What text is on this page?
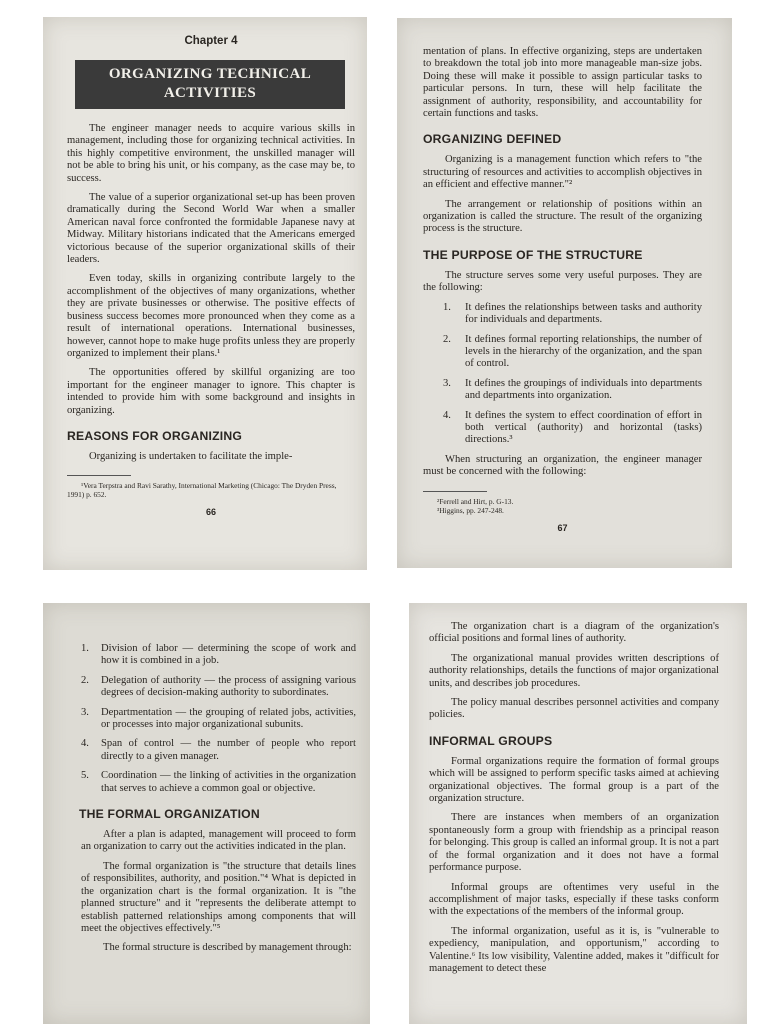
Chapter 4
ORGANIZING TECHNICAL
ACTIVITIES

The engineer manager needs to acquire various skills in management, including those for organizing technical activities. In this highly competitive environment, the unskilled manager will not be able to bring his unit, or his company, as the case may be, to success.

The value of a superior organizational set-up has been proven dramatically during the Second World War when a smaller American naval force confronted the formidable Japanese navy at Midway. Military historians indicated that the Americans emerged victorious because of the superior organizational skills of their leaders.

Even today, skills in organizing contribute largely to the accomplishment of the objectives of many organizations, whether they are private businesses or otherwise. The positive effects of business success becomes more pronounced when they come as a result of international operations. International businesses, however, cannot hope to make huge profits unless they are properly organized to implement their plans.¹

The opportunities offered by skillful organizing are too important for the engineer manager to ignore. This chapter is intended to provide him with some background and insights in organizing.

REASONS FOR ORGANIZING

Organizing is undertaken to facilitate the imple-

¹Vera Terpstra and Ravi Sarathy, International Marketing (Chicago: The Dryden Press, 1991) p. 652.

66

mentation of plans. In effective organizing, steps are undertaken to breakdown the total job into more manageable man-size jobs. Doing these will make it possible to assign particular tasks to particular persons. In turn, these will help facilitate the assignment of authority, responsibility, and accountability for certain functions and tasks.

ORGANIZING DEFINED

Organizing is a management function which refers to "the structuring of resources and activities to accomplish objectives in an efficient and effective manner."²

The arrangement or relationship of positions within an organization is called the structure. The result of the organizing process is the structure.

THE PURPOSE OF THE STRUCTURE

The structure serves some very useful purposes. They are the following:

1.	It defines the relationships between tasks and authority for individuals and departments.
2.	It defines formal reporting relationships, the number of levels in the hierarchy of the organization, and the span of control.
3.	It defines the groupings of individuals into departments and departments into organization.
4.	It defines the system to effect coordination of effort in both vertical (authority) and horizontal (tasks) directions.³

When structuring an organization, the engineer manager must be concerned with the following:

²Ferrell and Hirt, p. G-13.

³Higgins, pp. 247-248.

67
1.	Division of labor — determining the scope of work and how it is combined in a job.
2.	Delegation of authority — the process of assigning various degrees of decision-making authority to subordinates.
3.	Departmentation — the grouping of related jobs, activities, or processes into major organizational subunits.
4.	Span of control — the number of people who report directly to a given manager.
5.	Coordination — the linking of activities in the organization that serves to achieve a common goal or objective.
THE FORMAL ORGANIZATION

After a plan is adapted, management will proceed to form an organization to carry out the activities indicated in the plan.

The formal organization is "the structure that details lines of responsibilites, authority, and position."⁴ What is depicted in the organization chart is the formal organization. It is "the planned structure" and it "represents the deliberate attempt to establish patterned relationships among components that will meet the objectives effectively."⁵

The formal structure is described by management through:

The organization chart is a diagram of the organization's official positions and formal lines of authority.

The organizational manual provides written descriptions of authority relationships, details the functions of major organizational units, and describes job procedures.

The policy manual describes personnel activities and company policies.

INFORMAL GROUPS

Formal organizations require the formation of formal groups which will be assigned to perform specific tasks aimed at achieving organizational objectives. The formal group is a part of the organization structure.

There are instances when members of an organization spontaneously form a group with friendship as a principal reason for belonging. This group is called an informal group. It is not a part of the formal organization and it does not have a formal performance purpose.

Informal groups are oftentimes very useful in the accomplishment of major tasks, especially if these tasks conform with the expectations of the members of the informal group.

The informal organization, useful as it is, is "vulnerable to expediency, manipulation, and opportunism," according to Valentine.⁶ Its low visibility, Valentine added, makes it "difficult for management to detect these
